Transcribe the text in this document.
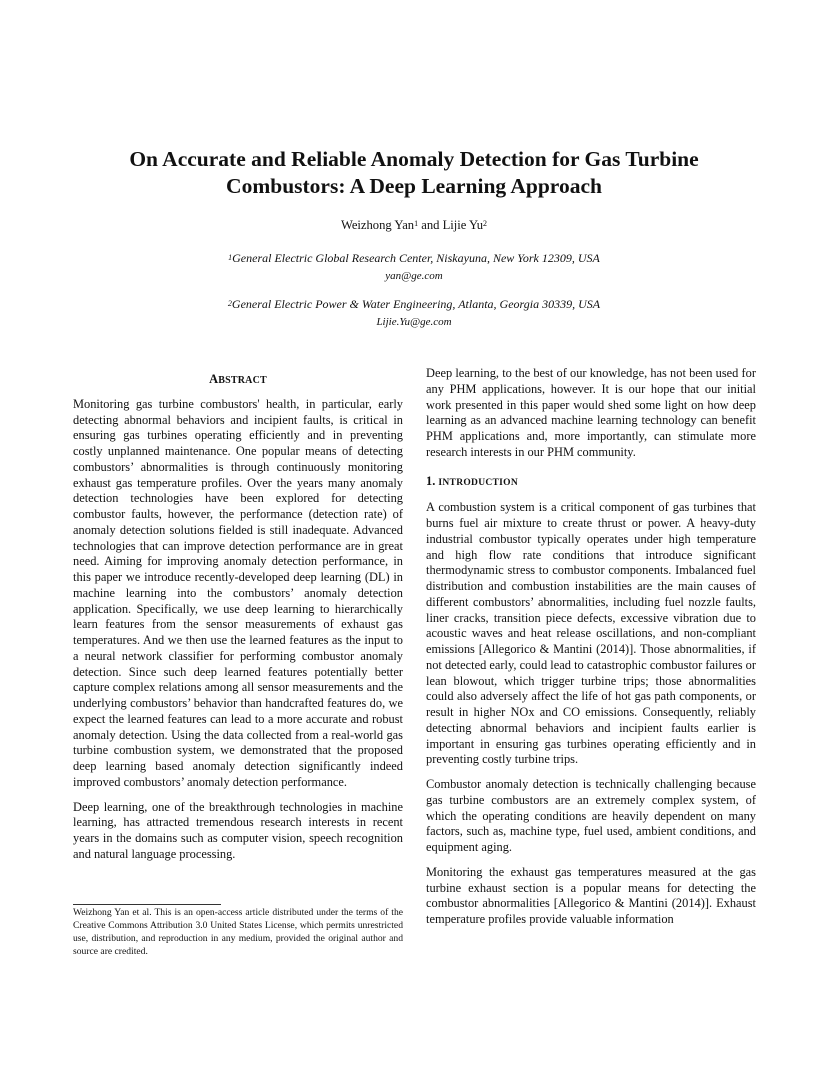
On Accurate and Reliable Anomaly Detection for Gas Turbine
Combustors: A Deep Learning Approach
Weizhong Yan$^1$ and Lijie Yu$^2$
$^1$General Electric Global Research Center, Niskayuna, New York 12309, USA
yan@ge.com
$^2$General Electric Power & Water Engineering, Atlanta, Georgia 30339, USA
Lijie.Yu@ge.com
ABSTRACT

Monitoring gas turbine combustors' health, in particular, early detecting abnormal behaviors and incipient faults, is critical in ensuring gas turbines operating efficiently and in preventing costly unplanned maintenance. One popular means of detecting combustors’ abnormalities is through continuously monitoring exhaust gas temperature profiles. Over the years many anomaly detection technologies have been explored for detecting combustor faults, however, the performance (detection rate) of anomaly detection solutions fielded is still inadequate. Advanced technologies that can improve detection performance are in great need. Aiming for improving anomaly detection performance, in this paper we introduce recently-developed deep learning (DL) in machine learning into the combustors’ anomaly detection application. Specifically, we use deep learning to hierarchically learn features from the sensor measurements of exhaust gas temperatures. And we then use the learned features as the input to a neural network classifier for performing combustor anomaly detection. Since such deep learned features potentially better capture complex relations among all sensor measurements and the underlying combustors’ behavior than handcrafted features do, we expect the learned features can lead to a more accurate and robust anomaly detection. Using the data collected from a real-world gas turbine combustion system, we demonstrated that the proposed deep learning based anomaly detection significantly indeed improved combustors’ anomaly detection performance.

Deep learning, one of the breakthrough technologies in machine learning, has attracted tremendous research interests in recent years in the domains such as computer vision, speech recognition and natural language processing.

Weizhong Yan et al. This is an open-access article distributed under the terms of the Creative Commons Attribution 3.0 United States License, which permits unrestricted use, distribution, and reproduction in any medium, provided the original author and source are credited.

Deep learning, to the best of our knowledge, has not been used for any PHM applications, however. It is our hope that our initial work presented in this paper would shed some light on how deep learning as an advanced machine learning technology can benefit PHM applications and, more importantly, can stimulate more research interests in our PHM community.

1. INTRODUCTION

A combustion system is a critical component of gas turbines that burns fuel air mixture to create thrust or power. A heavy-duty industrial combustor typically operates under high temperature and high flow rate conditions that introduce significant thermodynamic stress to combustor components. Imbalanced fuel distribution and combustion instabilities are the main causes of different combustors’ abnormalities, including fuel nozzle faults, liner cracks, transition piece defects, excessive vibration due to acoustic waves and heat release oscillations, and non-compliant emissions [Allegorico & Mantini (2014)]. Those abnormalities, if not detected early, could lead to catastrophic combustor failures or lean blowout, which trigger turbine trips; those abnormalities could also adversely affect the life of hot gas path components, or result in higher NOx and CO emissions. Consequently, reliably detecting abnormal behaviors and incipient faults earlier is important in ensuring gas turbines operating efficiently and in preventing costly turbine trips.

Combustor anomaly detection is technically challenging because gas turbine combustors are an extremely complex system, of which the operating conditions are heavily dependent on many factors, such as, machine type, fuel used, ambient conditions, and equipment aging.

Monitoring the exhaust gas temperatures measured at the gas turbine exhaust section is a popular means for detecting the combustor abnormalities [Allegorico & Mantini (2014)]. Exhaust temperature profiles provide valuable information
